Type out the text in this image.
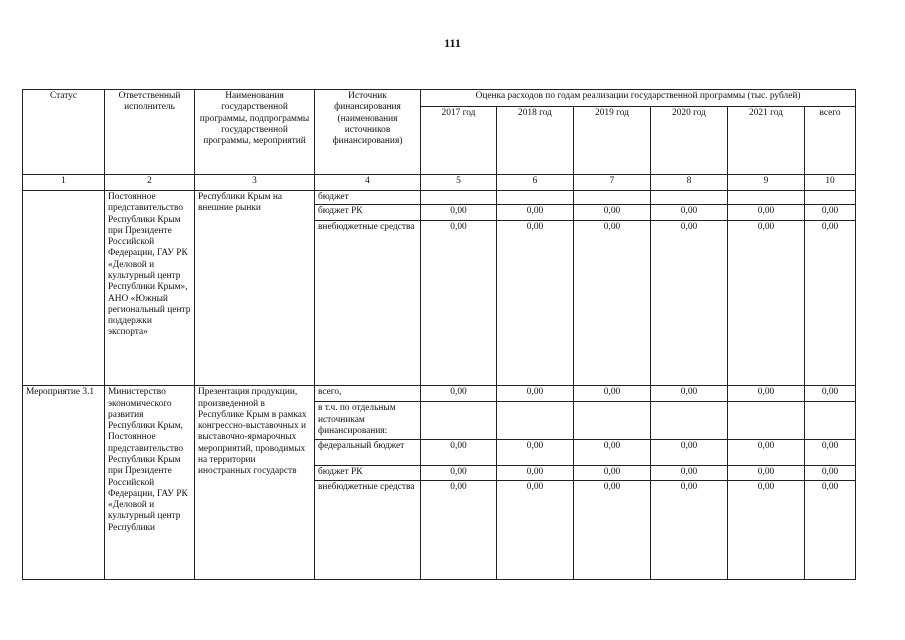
111
Статус	Ответственный исполнитель	Наименования государственной программы, подпрограммы государственной программы, мероприятий	Источник финансирования (наименования источников финансирования)	Оценка расходов по годам реализации государственной программы (тыс. рублей)					
				2017 год	2018 год	2019 год	2020 год	2021 год	всего
1	2	3	4	5	6	7	8	9	10
	Постоянное представительство Республики Крым при Президенте Российской Федерации, ГАУ РК «Деловой и культурный центр Республики Крым», АНО «Южный региональный центр поддержки экспорта»	Республики Крым на внешние рынки	бюджет						
			бюджет РК	0,00	0,00	0,00	0,00	0,00	0,00
			внебюджетные средства	0,00	0,00	0,00	0,00	0,00	0,00
Мероприятие 3.1	Министерство экономического развития Республики Крым, Постоянное представительство Республики Крым при Президенте Российской Федерации, ГАУ РК «Деловой и культурный центр Республики	Презентация продукции, произведенной в Республике Крым в рамках конгрессно-выставочных и выставочно-ярмарочных мероприятий, проводимых на территории иностранных государств	всего,	0,00	0,00	0,00	0,00	0,00	0,00
			в т.ч. по отдельным источникам финансирования:						
			федеральный бюджет	0,00	0,00	0,00	0,00	0,00	0,00
			бюджет РК	0,00	0,00	0,00	0,00	0,00	0,00
			внебюджетные средства	0,00	0,00	0,00	0,00	0,00	0,00
